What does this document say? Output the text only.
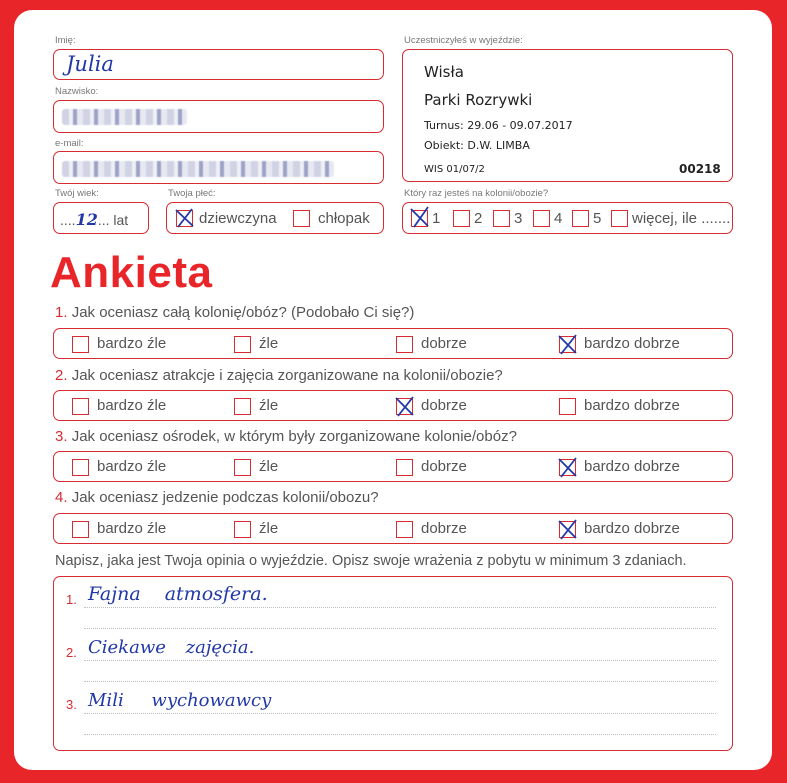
Imię:
Julia
Nazwisko:
e-mail:
Twój wiek:
....12... lat
Twoja płeć:
dziewczyna	chłopak
Uczestniczyłeś w wyjeździe:
Wisła
Parki Rozrywki
Turnus: 29.06 - 09.07.2017
Obiekt: D.W. LIMBA
WIS 01/07/2	00218
Który raz jesteś na kolonii/obozie?
1 2 3 4 5 więcej, ile .......
Ankieta
1. Jak oceniasz całą kolonię/obóz? (Podobało Ci się?)
2. Jak oceniasz atrakcje i zajęcia zorganizowane na kolonii/obozie?
3. Jak oceniasz ośrodek, w którym były zorganizowane kolonie/obóz?
4. Jak oceniasz jedzenie podczas kolonii/obozu?
Napisz, jaka jest Twoja opinia o wyjeździe. Opisz swoje wrażenia z pobytu w minimum 3 zdaniach.
1. Fajna atmosfera.
2. Ciekawe zajęcia.
3. Mili wychowawcy
bardzo źle	źle	dobrze	bardzo dobrze
bardzo źle	źle	dobrze	bardzo dobrze
bardzo źle	źle	dobrze	bardzo dobrze
bardzo źle	źle	dobrze	bardzo dobrze
